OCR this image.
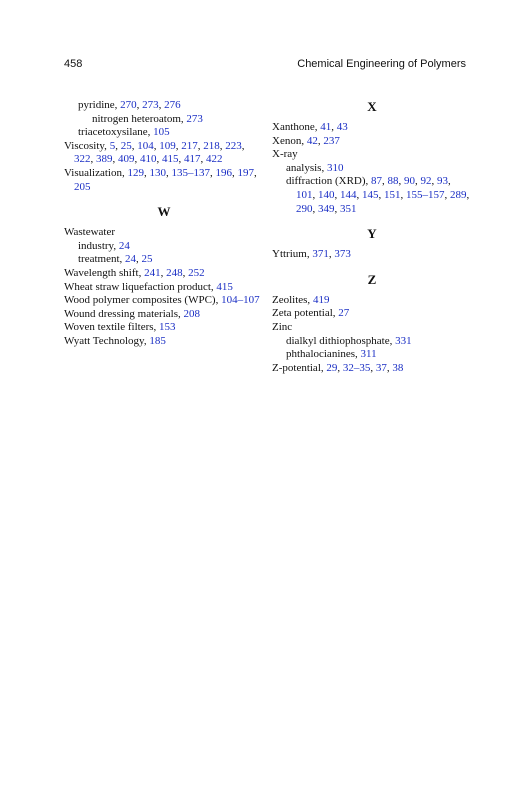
458	Chemical Engineering of Polymers

pyridine, 270, 273, 276

nitrogen heteroatom, 273

triacetoxysilane, 105

Viscosity, 5, 25, 104, 109, 217, 218, 223, 322, 389, 409, 410, 415, 417, 422

Visualization, 129, 130, 135–137, 196, 197, 205

W

Wastewater

industry, 24

treatment, 24, 25

Wavelength shift, 241, 248, 252

Wheat straw liquefaction product, 415

Wood polymer composites (WPC), 104–107

Wound dressing materials, 208

Woven textile filters, 153

Wyatt Technology, 185

X

Xanthone, 41, 43

Xenon, 42, 237

X-ray

analysis, 310

diffraction (XRD), 87, 88, 90, 92, 93, 101, 140, 144, 145, 151, 155–157, 289, 290, 349, 351

Y

Yttrium, 371, 373

Z

Zeolites, 419

Zeta potential, 27

Zinc

dialkyl dithiophosphate, 331

phthalocianines, 311

Z-potential, 29, 32–35, 37, 38
